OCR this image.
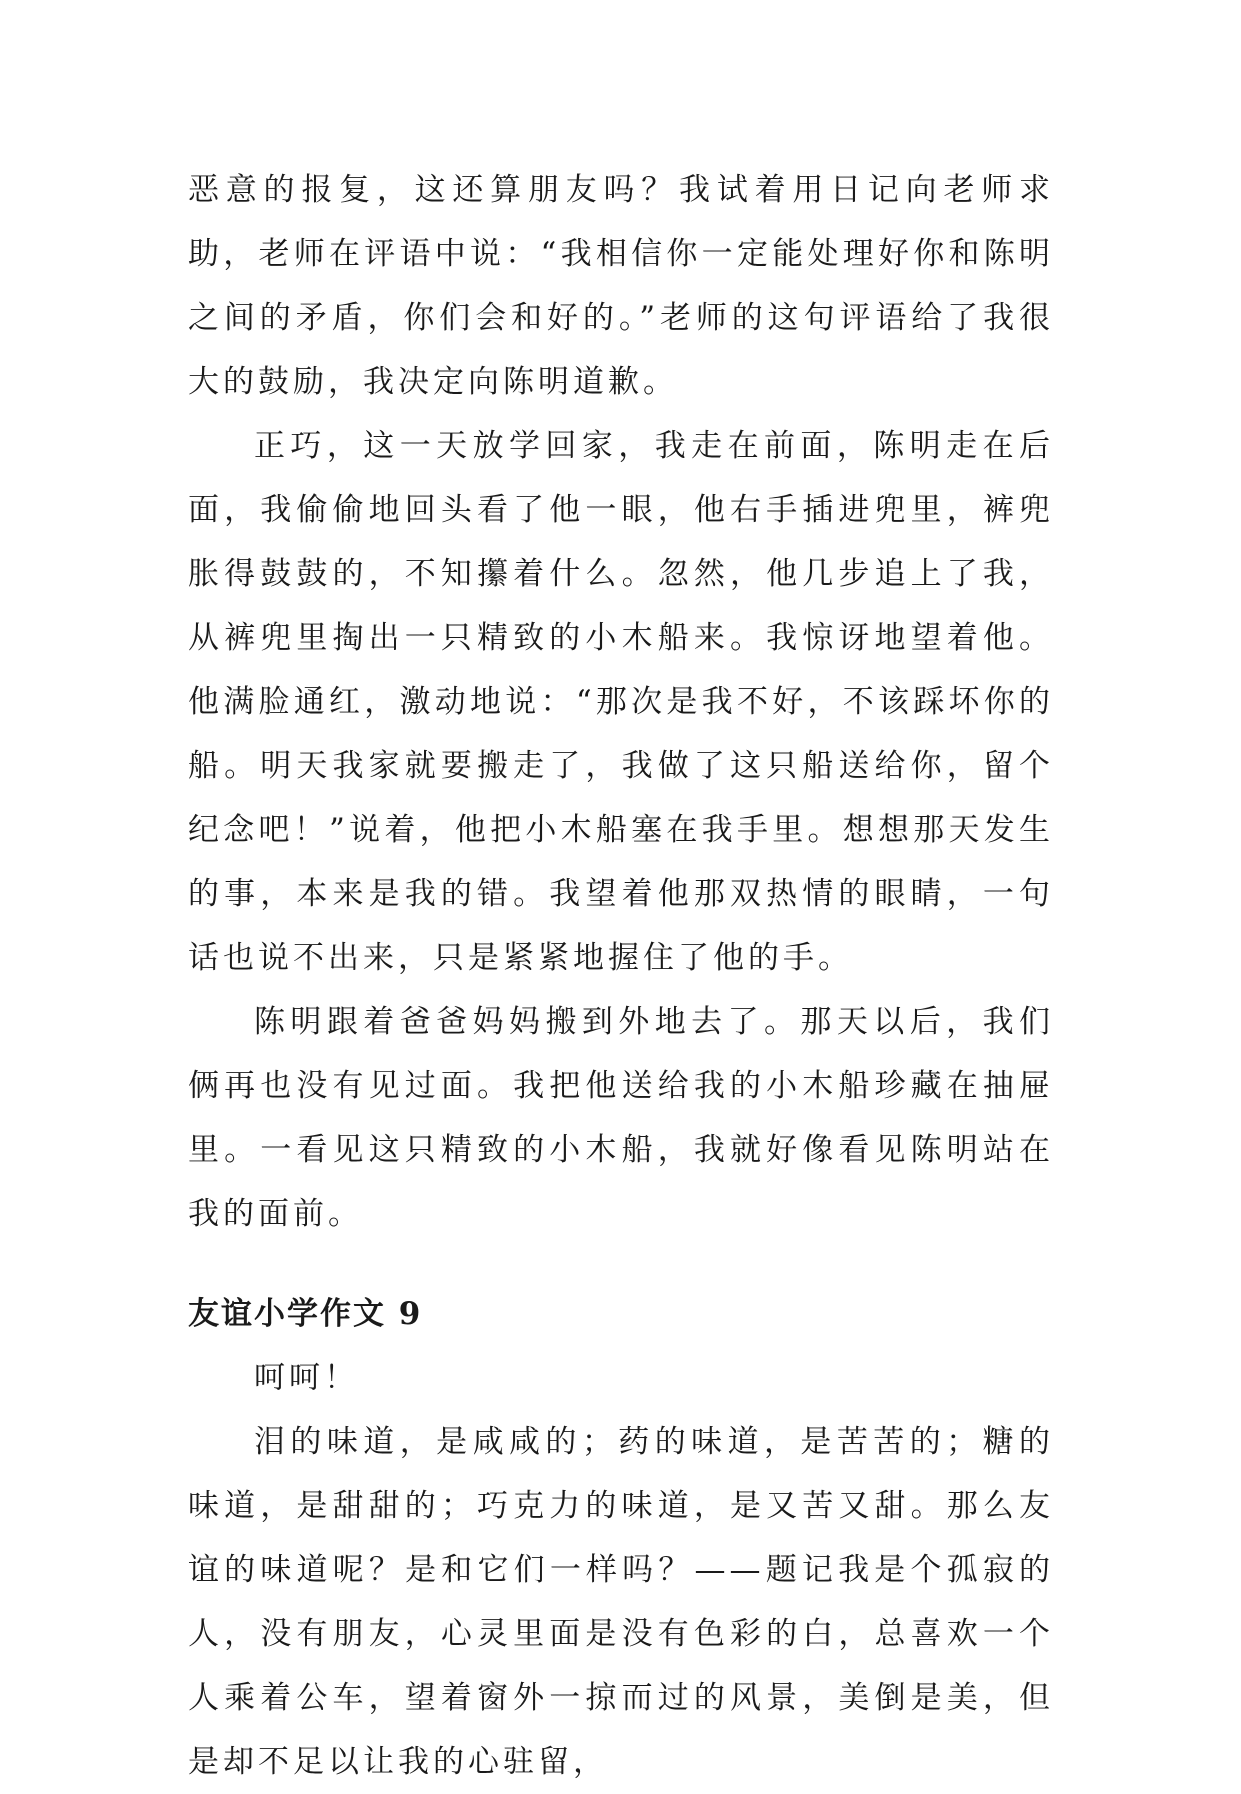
恶意的报复，这还算朋友吗？我试着用日记向老师求助，老师在评语中说：“我相信你一定能处理好你和陈明之间的矛盾，你们会和好的。”老师的这句评语给了我很大的鼓励，我决定向陈明道歉。

正巧，这一天放学回家，我走在前面，陈明走在后面，我偷偷地回头看了他一眼，他右手插进兜里，裤兜胀得鼓鼓的，不知攥着什么。忽然，他几步追上了我，从裤兜里掏出一只精致的小木船来。我惊讶地望着他。他满脸通红，激动地说：“那次是我不好，不该踩坏你的船。明天我家就要搬走了，我做了这只船送给你，留个纪念吧！”说着，他把小木船塞在我手里。想想那天发生的事，本来是我的错。我望着他那双热情的眼睛，一句话也说不出来，只是紧紧地握住了他的手。

陈明跟着爸爸妈妈搬到外地去了。那天以后，我们俩再也没有见过面。我把他送给我的小木船珍藏在抽屉里。一看见这只精致的小木船，我就好像看见陈明站在我的面前。

友谊小学作文 9

呵呵！

泪的味道，是咸咸的；药的味道，是苦苦的；糖的味道，是甜甜的；巧克力的味道，是又苦又甜。那么友谊的味道呢？是和它们一样吗？——题记我是个孤寂的人，没有朋友，心灵里面是没有色彩的白，总喜欢一个人乘着公车，望着窗外一掠而过的风景，美倒是美，但是却不足以让我的心驻留，
